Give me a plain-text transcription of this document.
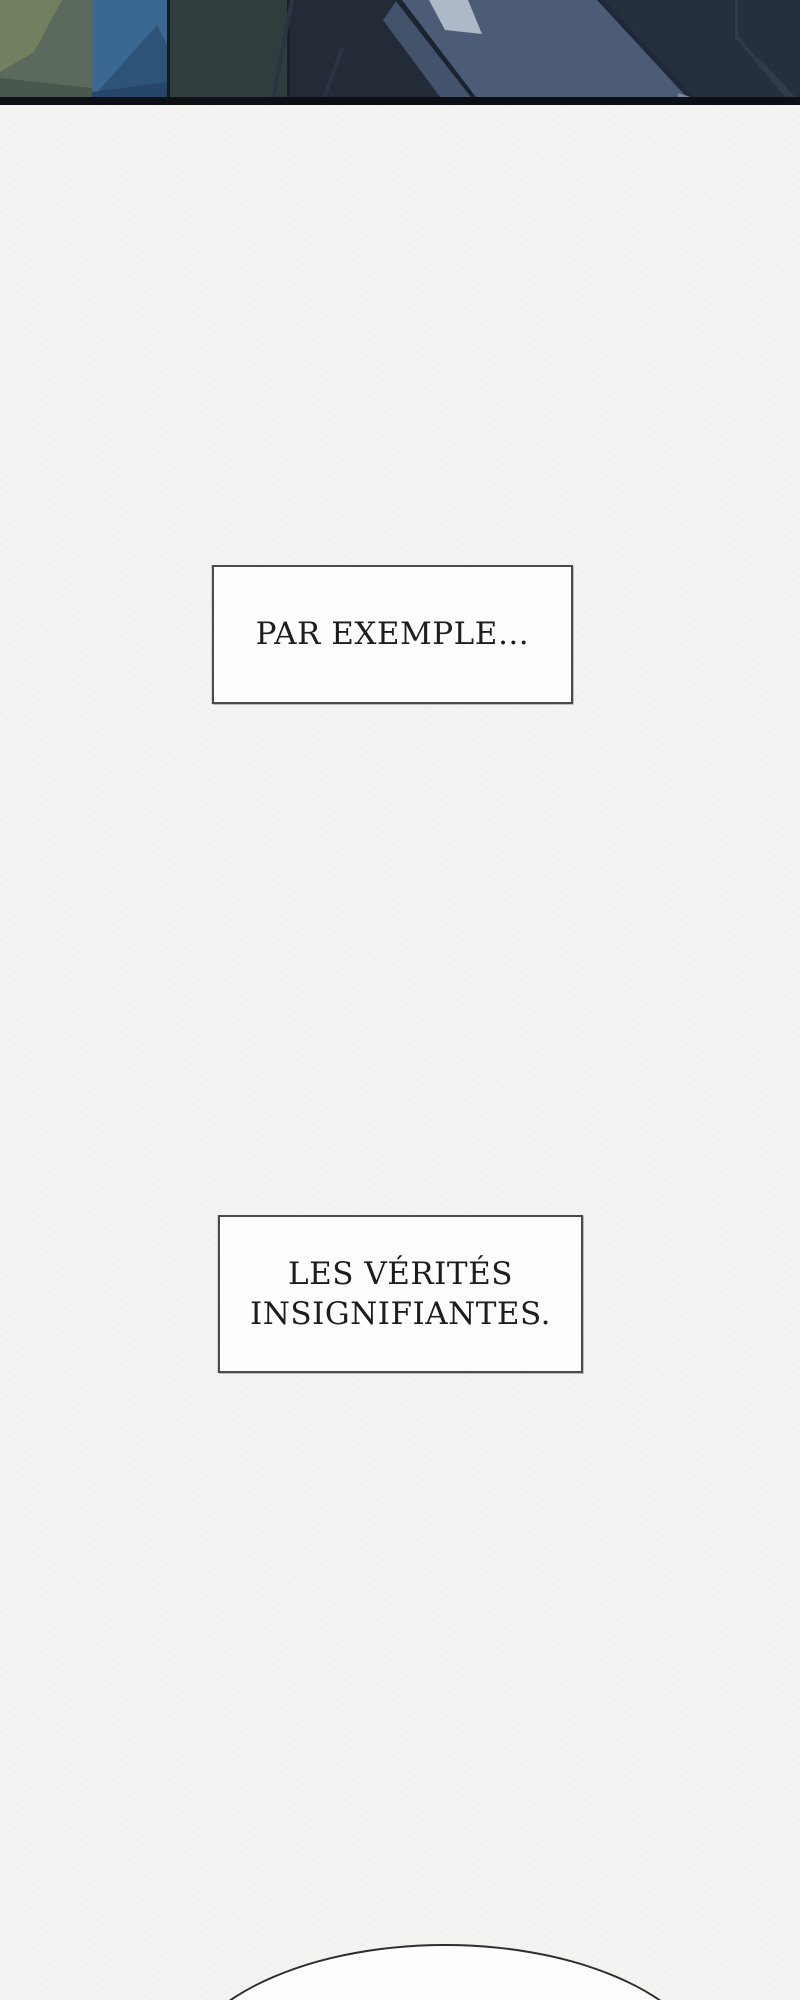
PAR EXEMPLE…
LES VÉRITÉS
INSIGNIFIANTES.
